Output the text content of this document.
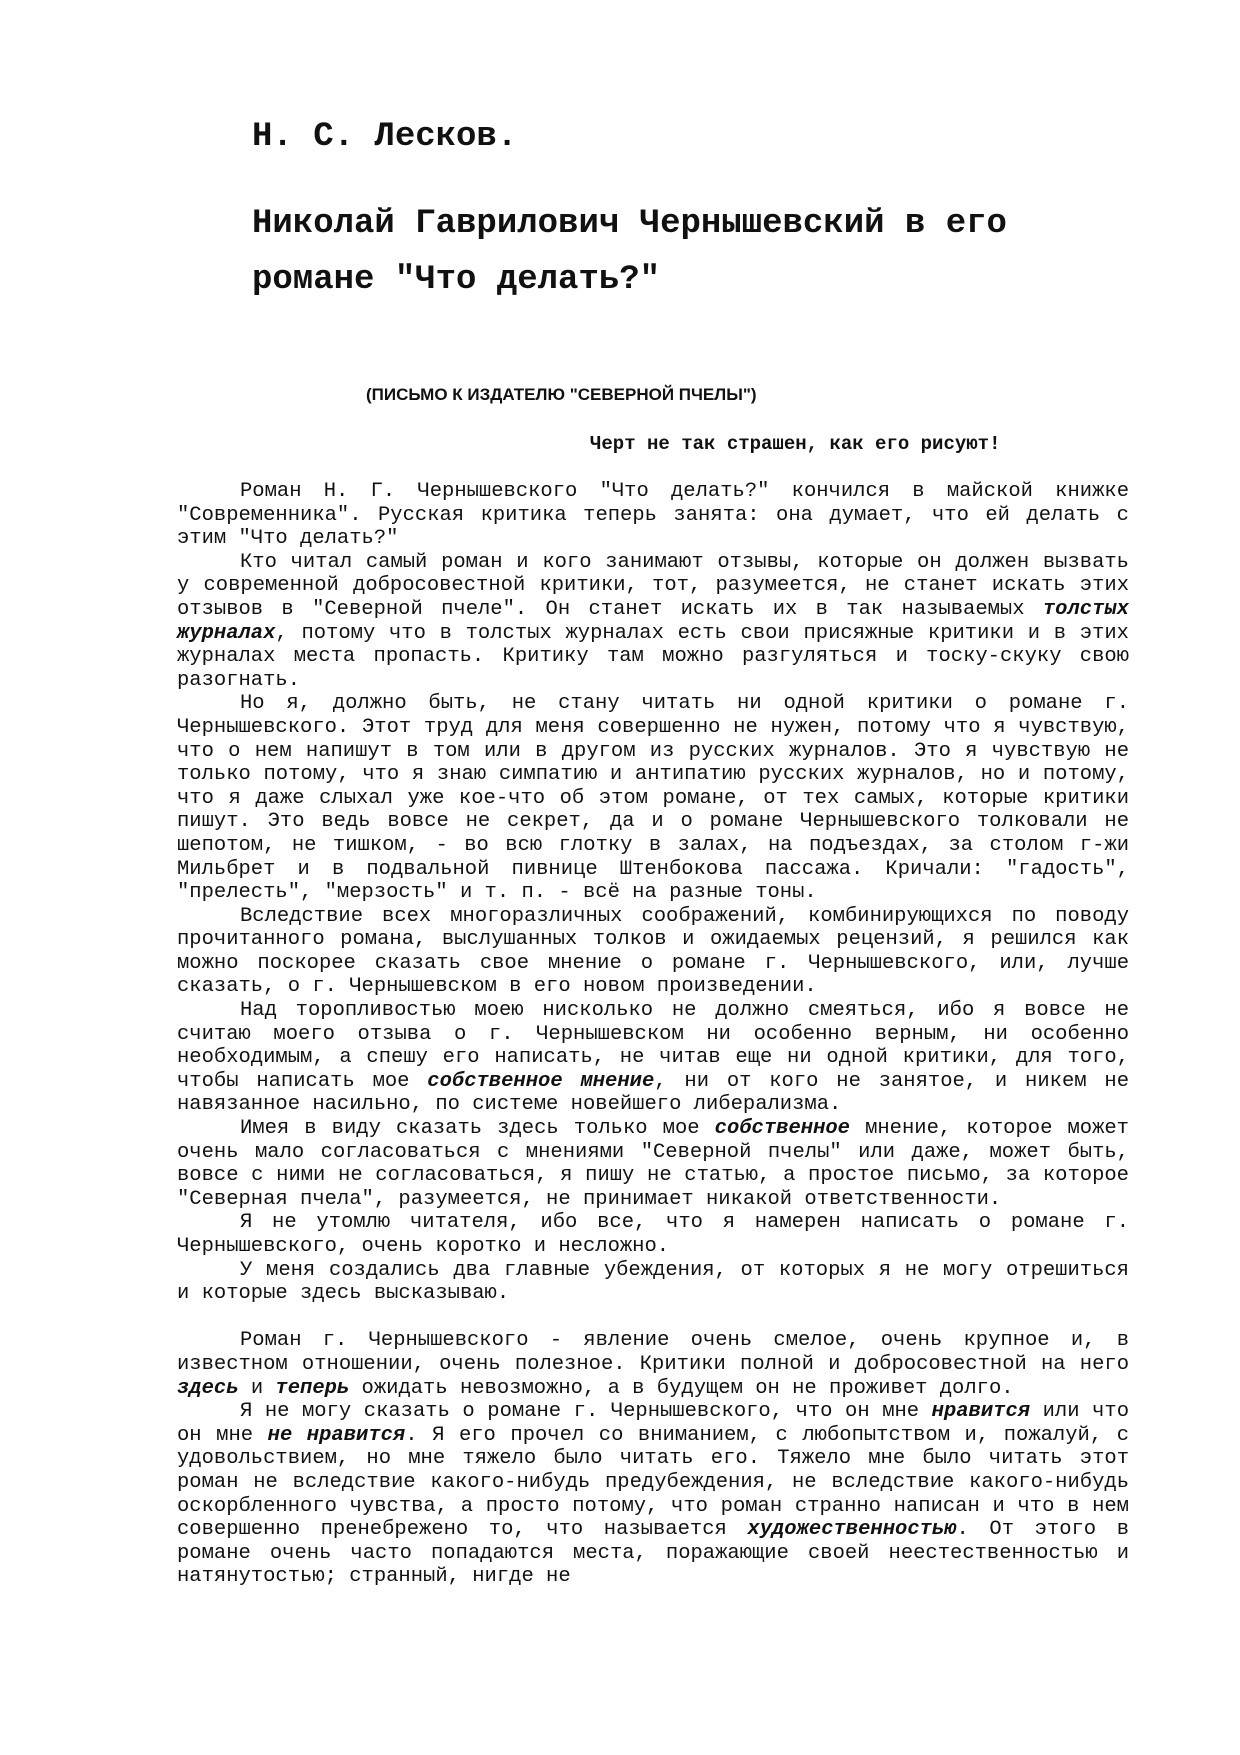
Н. С. Лесков.
Николай Гаврилович Чернышевский в его
романе "Что делать?"
(ПИСЬМО К ИЗДАТЕЛЮ "СЕВЕРНОЙ ПЧЕЛЫ")
Черт не так страшен, как его рисуют!

Роман Н. Г. Чернышевского "Что делать?" кончился в майской книжке "Современника". Русская критика теперь занята: она думает, что ей делать с этим "Что делать?"

Кто читал самый роман и кого занимают отзывы, которые он должен вызвать у современной добросовестной критики, тот, разумеется, не станет искать этих отзывов в "Северной пчеле". Он станет искать их в так называемых толстых журналах, потому что в толстых журналах есть свои присяжные критики и в этих журналах места пропасть. Критику там можно разгуляться и тоску-скуку свою разогнать.

Но я, должно быть, не стану читать ни одной критики о романе г. Чернышевского. Этот труд для меня совершенно не нужен, потому что я чувствую, что о нем напишут в том или в другом из русских журналов. Это я чувствую не только потому, что я знаю симпатию и антипатию русских журналов, но и потому, что я даже слыхал уже кое-что об этом романе, от тех самых, которые критики пишут. Это ведь вовсе не секрет, да и о романе Чернышевского толковали не шепотом, не тишком, - во всю глотку в залах, на подъездах, за столом г-жи Мильбрет и в подвальной пивнице Штенбокова пассажа. Кричали: "гадость", "прелесть", "мерзость" и т. п. - всё на разные тоны.

Вследствие всех многоразличных соображений, комбинирующихся по поводу прочитанного романа, выслушанных толков и ожидаемых рецензий, я решился как можно поскорее сказать свое мнение о романе г. Чернышевского, или, лучше сказать, о г. Чернышевском в его новом произведении.

Над торопливостью моею нисколько не должно смеяться, ибо я вовсе не считаю моего отзыва о г. Чернышевском ни особенно верным, ни особенно необходимым, а спешу его написать, не читав еще ни одной критики, для того, чтобы написать мое собственное мнение, ни от кого не занятое, и никем не навязанное насильно, по системе новейшего либерализма.

Имея в виду сказать здесь только мое собственное мнение, которое может очень мало согласоваться с мнениями "Северной пчелы" или даже, может быть, вовсе с ними не согласоваться, я пишу не статью, а простое письмо, за которое "Северная пчела", разумеется, не принимает никакой ответственности.

Я не утомлю читателя, ибо все, что я намерен написать о романе г. Чернышевского, очень коротко и несложно.

У меня создались два главные убеждения, от которых я не могу отрешиться и которые здесь высказываю.

Роман г. Чернышевского - явление очень смелое, очень крупное и, в известном отношении, очень полезное. Критики полной и добросовестной на него здесь и теперь ожидать невозможно, а в будущем он не проживет долго.

Я не могу сказать о романе г. Чернышевского, что он мне нравится или что он мне не нравится. Я его прочел со вниманием, с любопытством и, пожалуй, с удовольствием, но мне тяжело было читать его. Тяжело мне было читать этот роман не вследствие какого-нибудь предубеждения, не вследствие какого-нибудь оскорбленного чувства, а просто потому, что роман странно написан и что в нем совершенно пренебрежено то, что называется художественностью. От этого в романе очень часто попадаются места, поражающие своей неестественностью и натянутостью; странный, нигде не
